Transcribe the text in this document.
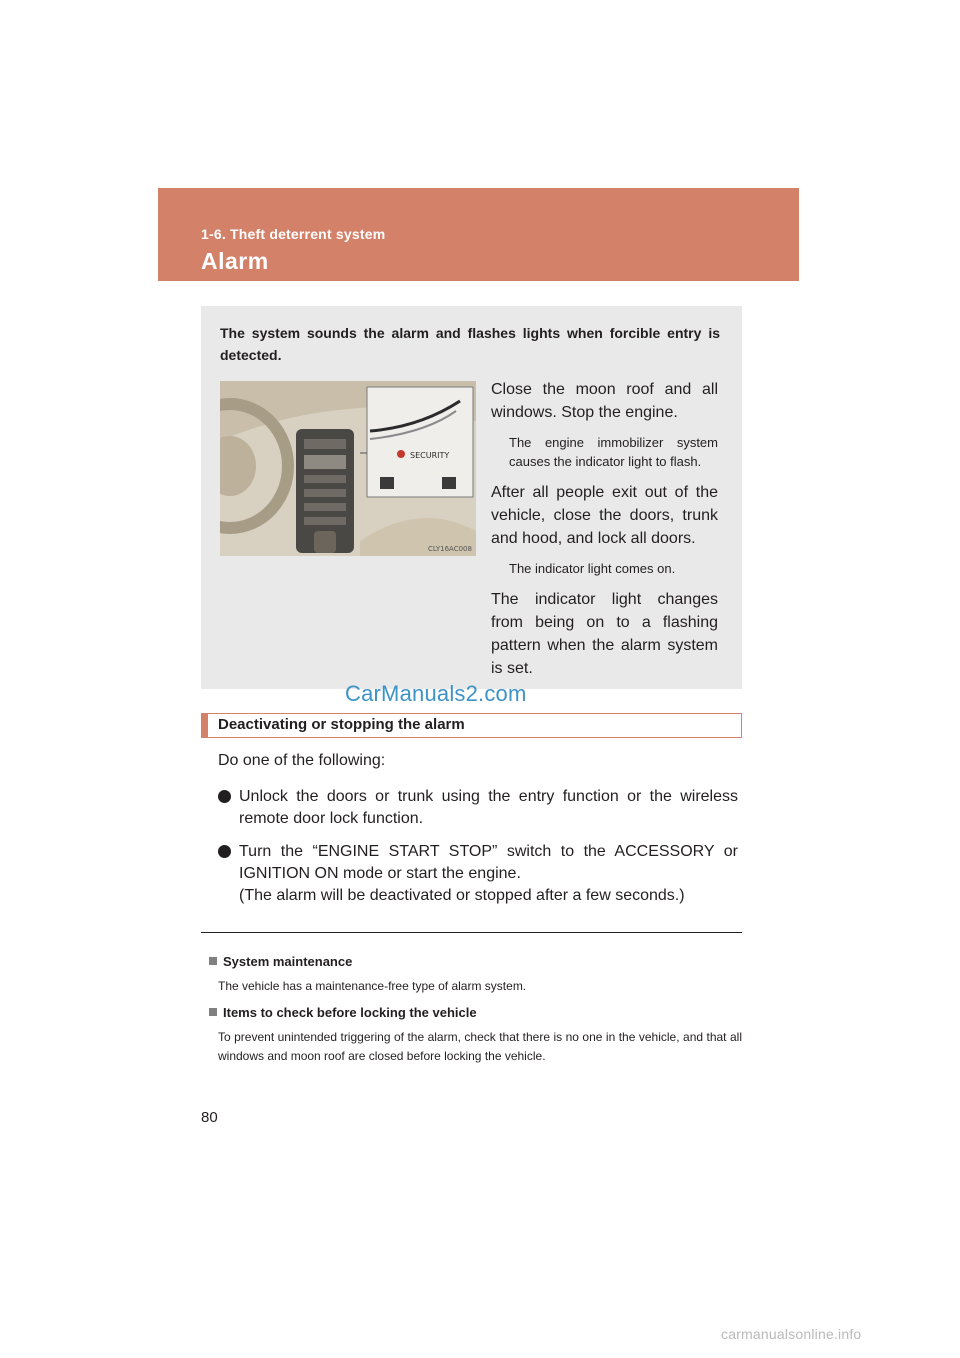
1-6. Theft deterrent system
Alarm
The system sounds the alarm and flashes lights when forcible entry is detected.
SECURITY
CLY16AC008

Close the moon roof and all windows. Stop the engine.

The engine immobilizer system causes the indicator light to flash.

After all people exit out of the vehicle, close the doors, trunk and hood, and lock all doors.

The indicator light comes on.

The indicator light changes from being on to a flashing pattern when the alarm system is set.

CarManuals2.com
Deactivating or stopping the alarm
Do one of the following:

Unlock the doors or trunk using the entry function or the wireless remote door lock function.

Turn the “ENGINE START STOP” switch to the ACCESSORY or IGNITION ON mode or start the engine.

(The alarm will be deactivated or stopped after a few seconds.)

System maintenance
The vehicle has a maintenance-free type of alarm system.
Items to check before locking the vehicle
To prevent unintended triggering of the alarm, check that there is no one in the vehicle, and that all windows and moon roof are closed before locking the vehicle.
80
carmanualsonline.info
